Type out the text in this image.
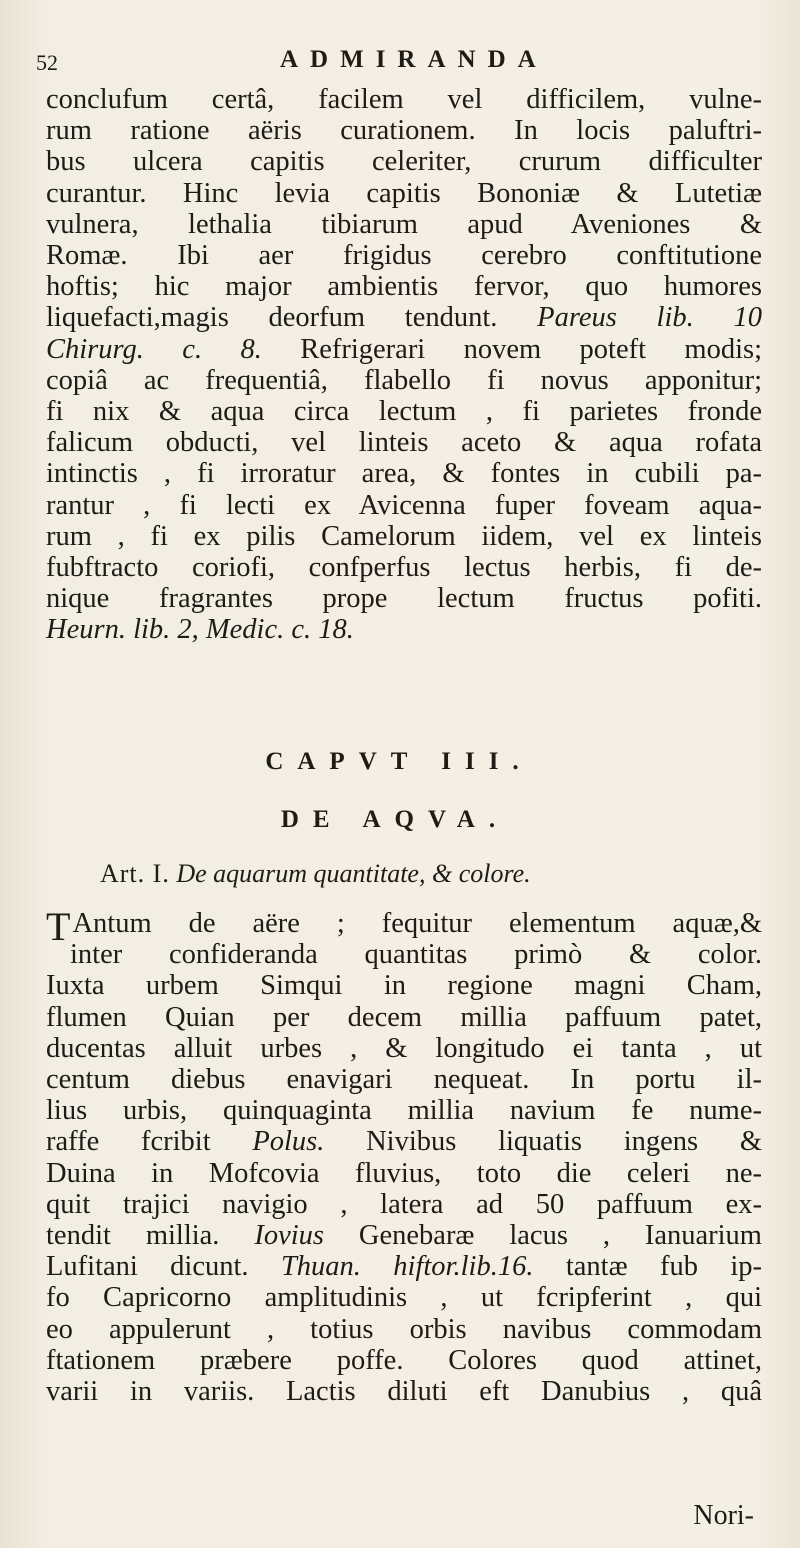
52	ADMIRANDA
conclufum certâ, facilem vel difficilem, vulne-
rum ratione aëris curationem. In locis paluftri-
bus ulcera capitis celeriter, crurum difficulter
curantur. Hinc levia capitis Bononiæ & Lutetiæ
vulnera, lethalia tibiarum apud Aveniones &
Romæ. Ibi aer frigidus cerebro conftitutione
hoftis; hic major ambientis fervor, quo humores
liquefacti,magis deorfum tendunt. Pareus lib. 10
Chirurg. c. 8. Refrigerari novem poteft modis;
copiâ ac frequentiâ, flabello fi novus apponitur;
fi nix & aqua circa lectum , fi parietes fronde
falicum obducti, vel linteis aceto & aqua rofata
intinctis , fi irroratur area, & fontes in cubili pa-
rantur , fi lecti ex Avicenna fuper foveam aqua-
rum , fi ex pilis Camelorum iidem, vel ex linteis
fubftracto coriofi, confperfus lectus herbis, fi de-
nique fragrantes prope lectum fructus pofiti.
Heurn. lib. 2, Medic. c. 18.
CAPVT III.
DE AQVA.
Art. I. De aquarum quantitate, & colore.
TAntum de aëre ; fequitur elementum aquæ,&
inter confideranda quantitas primò & color.
Iuxta urbem Simqui in regione magni Cham,
flumen Quian per decem millia paffuum patet,
ducentas alluit urbes , & longitudo ei tanta , ut
centum diebus enavigari nequeat. In portu il-
lius urbis, quinquaginta millia navium fe nume-
raffe fcribit Polus. Nivibus liquatis ingens &
Duina in Mofcovia fluvius, toto die celeri ne-
quit trajici navigio , latera ad 50 paffuum ex-
tendit millia. Iovius Genebaræ lacus , Ianuarium
Lufitani dicunt. Thuan. hiftor.lib.16. tantæ fub ip-
fo Capricorno amplitudinis , ut fcripferint , qui
eo appulerunt , totius orbis navibus commodam
ftationem præbere poffe. Colores quod attinet,
varii in variis. Lactis diluti eft Danubius , quâ
Nori-
